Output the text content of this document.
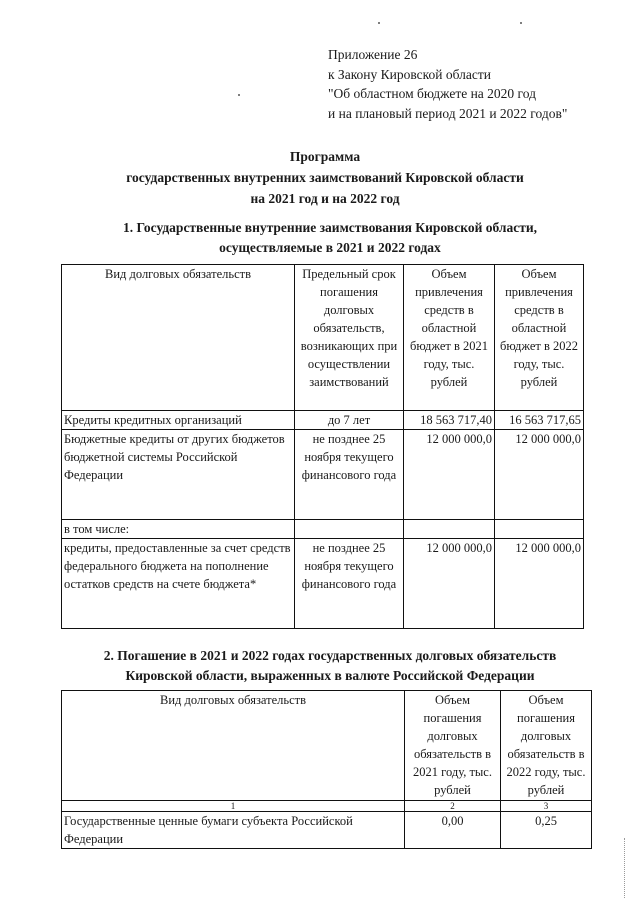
Приложение 26
к Закону Кировской области
"Об областном бюджете на 2020 год
и на плановый период 2021 и 2022 годов"
Программа
государственных внутренних заимствований Кировской области
на 2021 год и на 2022 год
1. Государственные внутренние заимствования Кировской области,
осуществляемые в 2021 и 2022 годах
Вид долговых обязательств	Предельный срок погашения долговых обязательств, возникающих при осуществлении заимствований	Объем привлечения средств в областной бюджет в 2021 году, тыс. рублей	Объем привлечения средств в областной бюджет в 2022 году, тыс. рублей
Кредиты кредитных организаций	до 7 лет	18 563 717,40	16 563 717,65
Бюджетные кредиты от других бюджетов бюджетной системы Российской Федерации	не позднее 25 ноября текущего финансового года	12 000 000,0	12 000 000,0
в том числе:			
кредиты, предоставленные за счет средств федерального бюджета на пополнение остатков средств на счете бюджета*	не позднее 25 ноября текущего финансового года	12 000 000,0	12 000 000,0
2. Погашение в 2021 и 2022 годах государственных долговых обязательств
Кировской области, выраженных в валюте Российской Федерации
Вид долговых обязательств	Объем погашения долговых обязательств в 2021 году, тыс. рублей	Объем погашения долговых обязательств в 2022 году, тыс. рублей
1	2	3
Государственные ценные бумаги субъекта Российской Федерации	0,00	0,25
